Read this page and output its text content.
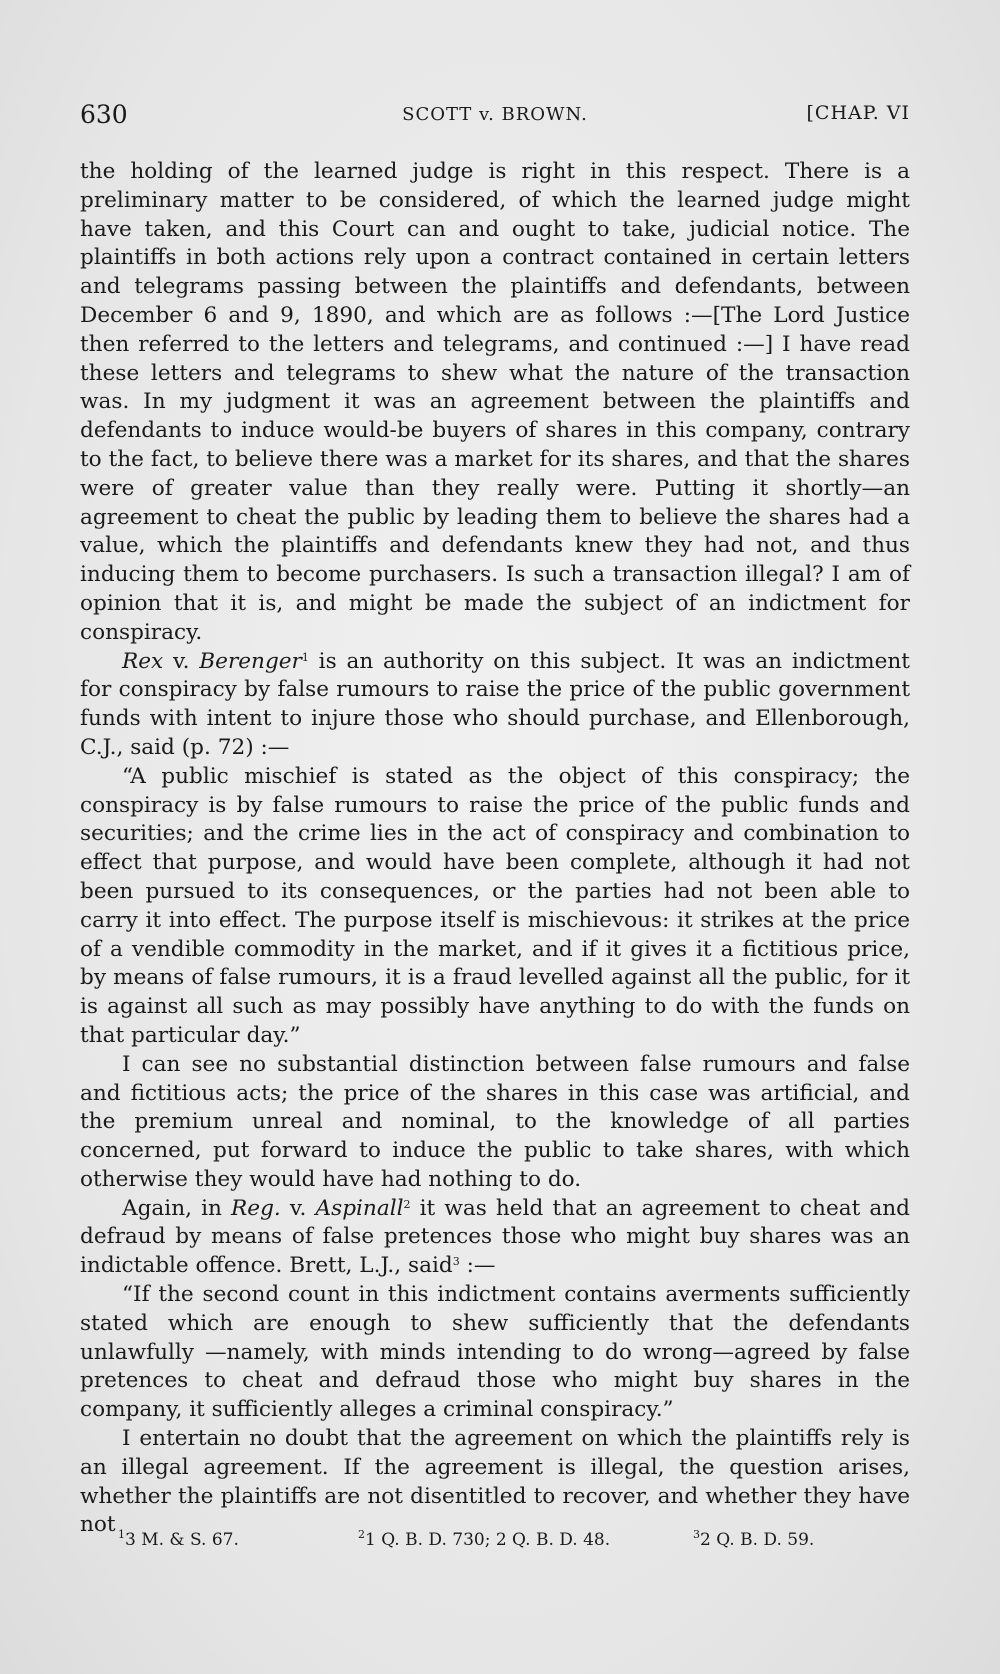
630	SCOTT v. BROWN.	[CHAP. VI

the holding of the learned judge is right in this respect. There is a preliminary matter to be considered, of which the learned judge might have taken, and this Court can and ought to take, judicial notice. The plaintiffs in both actions rely upon a contract contained in certain letters and telegrams passing between the plaintiffs and defendants, between December 6 and 9, 1890, and which are as follows :—[The Lord Justice then referred to the letters and telegrams, and continued :—] I have read these letters and telegrams to shew what the nature of the transaction was. In my judgment it was an agreement between the plaintiffs and defendants to induce would-be buyers of shares in this company, contrary to the fact, to believe there was a market for its shares, and that the shares were of greater value than they really were. Putting it shortly—an agreement to cheat the public by leading them to believe the shares had a value, which the plaintiffs and defendants knew they had not, and thus inducing them to become purchasers. Is such a transaction illegal? I am of opinion that it is, and might be made the subject of an indictment for conspiracy.

Rex v. Berenger$^1$ is an authority on this subject. It was an indictment for conspiracy by false rumours to raise the price of the public government funds with intent to injure those who should purchase, and Ellenborough, C.J., said (p. 72) :—

“A public mischief is stated as the object of this conspiracy; the conspiracy is by false rumours to raise the price of the public funds and securities; and the crime lies in the act of conspiracy and combination to effect that purpose, and would have been complete, although it had not been pursued to its consequences, or the parties had not been able to carry it into effect. The purpose itself is mischievous: it strikes at the price of a vendible commodity in the market, and if it gives it a fictitious price, by means of false rumours, it is a fraud levelled against all the public, for it is against all such as may possibly have anything to do with the funds on that particular day.”

I can see no substantial distinction between false rumours and false and fictitious acts; the price of the shares in this case was artificial, and the premium unreal and nominal, to the knowledge of all parties concerned, put forward to induce the public to take shares, with which otherwise they would have had nothing to do.

Again, in Reg. v. Aspinall$^2$ it was held that an agreement to cheat and defraud by means of false pretences those who might buy shares was an indictable offence. Brett, L.J., said$^3$ :—

“If the second count in this indictment contains averments sufficiently stated which are enough to shew sufficiently that the defendants unlawfully —namely, with minds intending to do wrong—agreed by false pretences to cheat and defraud those who might buy shares in the company, it sufficiently alleges a criminal conspiracy.”

I entertain no doubt that the agreement on which the plaintiffs rely is an illegal agreement. If the agreement is illegal, the question arises, whether the plaintiffs are not disentitled to recover, and whether they have not $^1$ 3 M. & S. 67.	$^2$ 1 Q. B. D. 730; 2 Q. B. D. 48.	$^3$ 2 Q. B. D. 59.
